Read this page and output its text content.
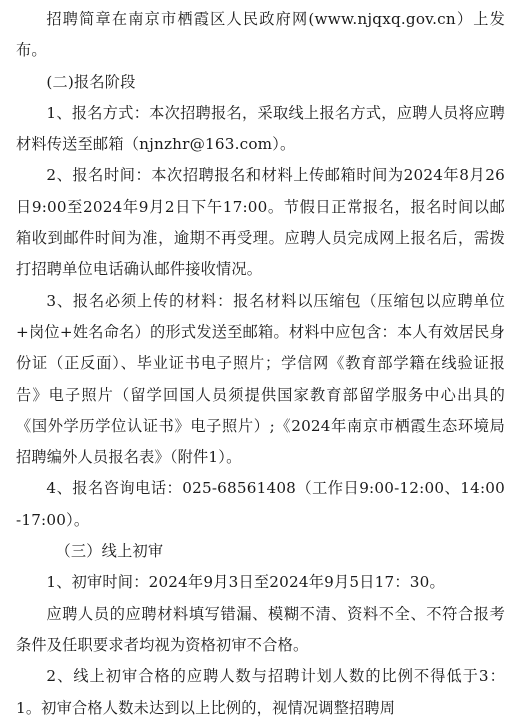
招聘简章在南京市栖霞区人民政府网(www.njqxq.gov.cn）上发布。

(二)报名阶段

1、报名方式：本次招聘报名，采取线上报名方式，应聘人员将应聘材料传送至邮箱（njnzhr@163.com）。

2、报名时间：本次招聘报名和材料上传邮箱时间为2024年8月26日9:00至2024年9月2日下午17:00。节假日正常报名，报名时间以邮箱收到邮件时间为准，逾期不再受理。应聘人员完成网上报名后，需拨打招聘单位电话确认邮件接收情况。

3、报名必须上传的材料：报名材料以压缩包（压缩包以应聘单位+岗位+姓名命名）的形式发送至邮箱。材料中应包含：本人有效居民身份证（正反面）、毕业证书电子照片；学信网《教育部学籍在线验证报告》电子照片（留学回国人员须提供国家教育部留学服务中心出具的《国外学历学位认证书》电子照片）;《2024年南京市栖霞生态环境局招聘编外人员报名表》（附件1）。

4、报名咨询电话：025-68561408（工作日9:00-12:00、14:00-17:00）。

（三）线上初审

1、初审时间：2024年9月3日至2024年9月5日17：30。

应聘人员的应聘材料填写错漏、模糊不清、资料不全、不符合报考条件及任职要求者均视为资格初审不合格。

2、线上初审合格的应聘人数与招聘计划人数的比例不得低于3：1。初审合格人数未达到以上比例的，视情况调整招聘周
